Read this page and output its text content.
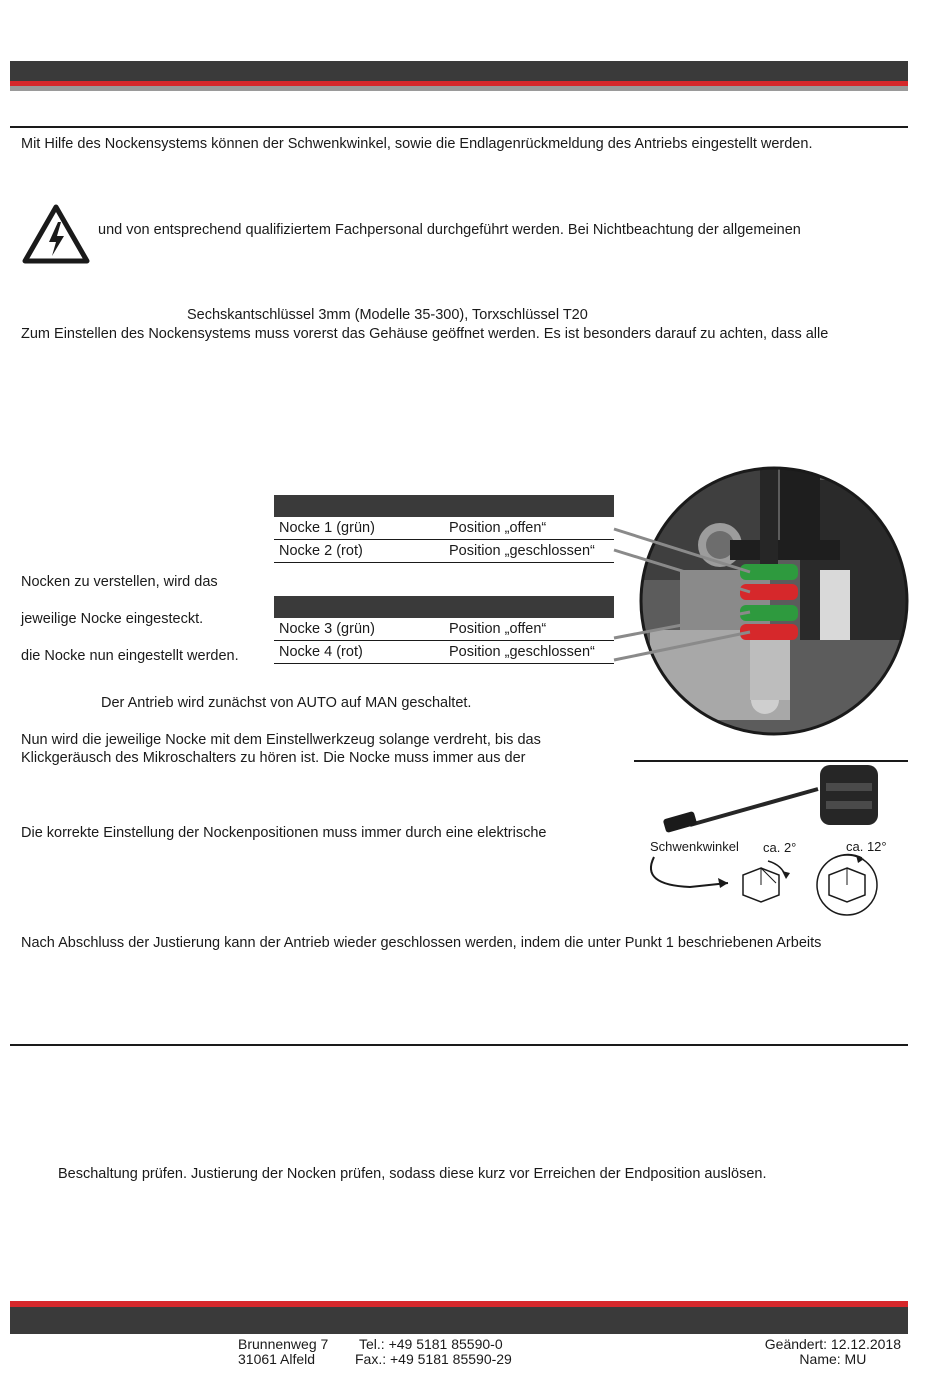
Mit Hilfe des Nockensystems können der Schwenkwinkel, sowie die Endlagenrückmeldung des Antriebs eingestellt werden.
und von entsprechend qualifiziertem Fachpersonal durchgeführt werden. Bei Nichtbeachtung der allgemeinen
Sechskantschlüssel 3mm (Modelle 35-300), Torxschlüssel T20
Zum Einstellen des Nockensystems muss vorerst das Gehäuse geöffnet werden. Es ist besonders darauf zu achten, dass alle
Nocken zu verstellen, wird das
jeweilige Nocke eingesteckt.
die Nocke nun eingestellt werden.
Nocke 1 (grün)	Position „offen“
Nocke 2 (rot)	Position „geschlossen“
Nocke 3 (grün)	Position „offen“
Nocke 4 (rot)	Position „geschlossen“
Der Antrieb wird zunächst von AUTO auf MAN geschaltet.
Nun wird die jeweilige Nocke mit dem Einstellwerkzeug solange verdreht, bis das
Klickgeräusch des Mikroschalters zu hören ist. Die Nocke muss immer aus der
Die korrekte Einstellung der Nockenpositionen muss immer durch eine elektrische
Schwenkwinkel ca. 2°	ca. 12°
Nach Abschluss der Justierung kann der Antrieb wieder geschlossen werden, indem die unter Punkt 1 beschriebenen Arbeits
Beschaltung prüfen. Justierung der Nocken prüfen, sodass diese kurz vor Erreichen der Endposition auslösen.
Brunnenweg 7
31061 Alfeld
Tel.: +49 5181 85590-0
Fax.: +49 5181 85590-29
Geändert: 12.12.2018
Name: MU
